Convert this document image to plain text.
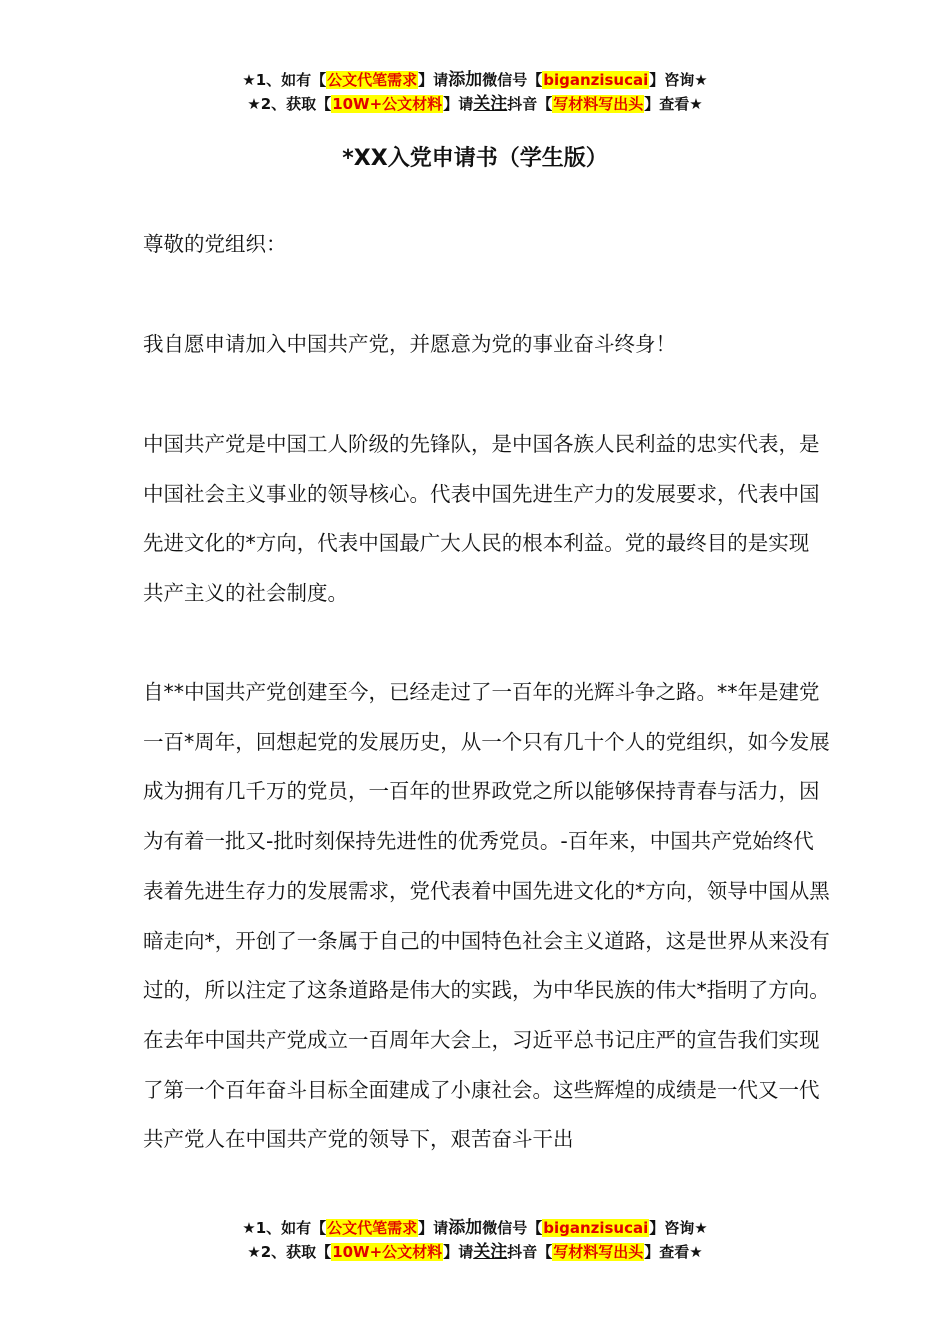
★1、如有【公文代笔需求】请添加微信号【biganzisucai】咨询★
★2、获取【10W+公文材料】请关注抖音【写材料写出头】查看★
*XX入党申请书（学生版）

尊敬的党组织：

我自愿申请加入中国共产党，并愿意为党的事业奋斗终身！

中国共产党是中国工人阶级的先锋队，是中国各族人民利益的忠实代表，是中国社会主义事业的领导核心。代表中国先进生产力的发展要求，代表中国先进文化的*方向，代表中国最广大人民的根本利益。党的最终目的是实现共产主义的社会制度。

自**中国共产党创建至今，已经走过了一百年的光辉斗争之路。**年是建党一百*周年，回想起党的发展历史，从一个只有几十个人的党组织，如今发展成为拥有几千万的党员，一百年的世界政党之所以能够保持青春与活力，因为有着一批又-批时刻保持先进性的优秀党员。-百年来，中国共产党始终代表着先进生存力的发展需求，党代表着中国先进文化的*方向，领导中国从黑暗走向*，开创了一条属于自己的中国特色社会主义道路，这是世界从来没有过的，所以注定了这条道路是伟大的实践，为中华民族的伟大*指明了方向。在去年中国共产党成立一百周年大会上，习近平总书记庄严的宣告我们实现了第一个百年奋斗目标全面建成了小康社会。这些辉煌的成绩是一代又一代共产党人在中国共产党的领导下，艰苦奋斗干出

★1、如有【公文代笔需求】请添加微信号【biganzisucai】咨询★
★2、获取【10W+公文材料】请关注抖音【写材料写出头】查看★
